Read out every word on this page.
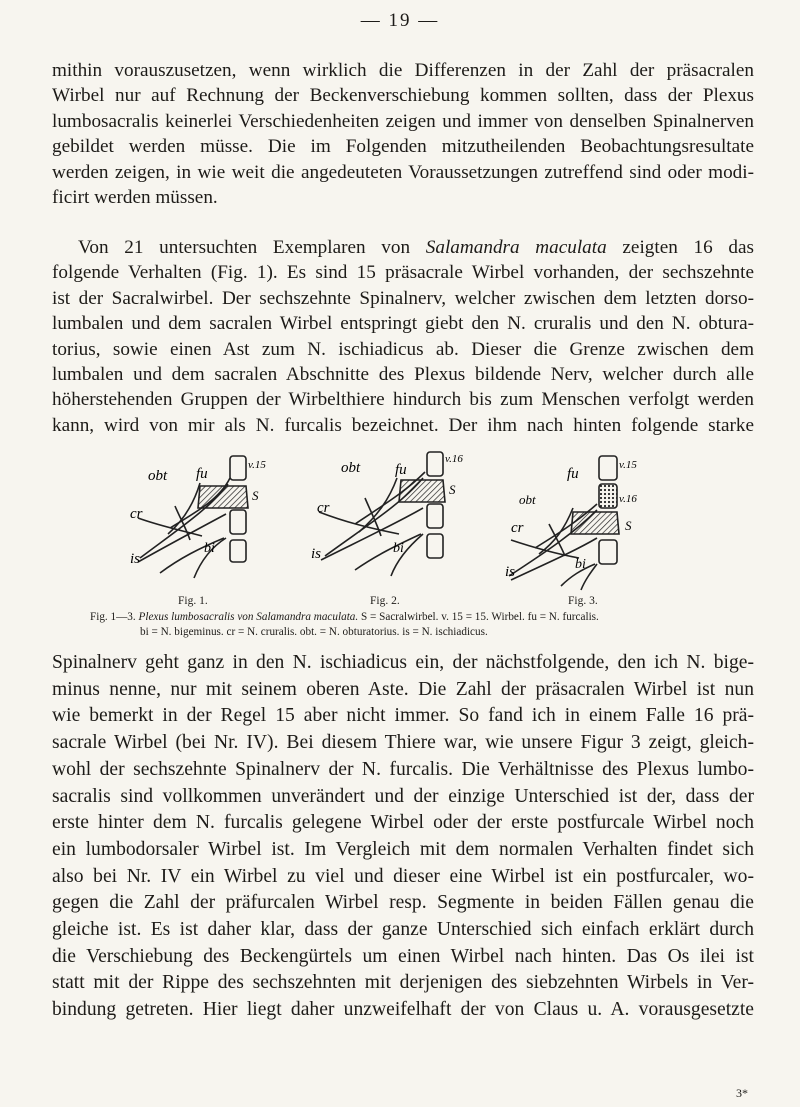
— 19 —
mithin vorauszusetzen, wenn wirklich die Differenzen in der Zahl der präsacralen
Wirbel nur auf Rechnung der Beckenverschiebung kommen sollten, dass der Plexus
lumbosacralis keinerlei Verschiedenheiten zeigen und immer von denselben Spinalnerven
gebildet werden müsse. Die im Folgenden mitzutheilenden Beobachtungsresultate
werden zeigen, in wie weit die angedeuteten Voraussetzungen zutreffend sind oder modi-
ficirt werden müssen.
Von 21 untersuchten Exemplaren von Salamandra maculata zeigten 16 das
folgende Verhalten (Fig. 1). Es sind 15 präsacrale Wirbel vorhanden, der sechszehnte
ist der Sacralwirbel. Der sechszehnte Spinalnerv, welcher zwischen dem letzten dorso-
lumbalen und dem sacralen Wirbel entspringt giebt den N. cruralis und den N. obtura-
torius, sowie einen Ast zum N. ischiadicus ab. Dieser die Grenze zwischen dem
lumbalen und dem sacralen Abschnitte des Plexus bildende Nerv, welcher durch alle
höherstehenden Gruppen der Wirbelthiere hindurch bis zum Menschen verfolgt werden
kann, wird von mir als N. furcalis bezeichnet. Der ihm nach hinten folgende starke
obt fu
v.15
S
cr
is
bi
obt fu
v.16
S
cr
is	bi
fu
obt
v.15
v.16
S
cr
is	bi
Fig. 1.	Fig. 2.	Fig. 3.
Fig. 1—3. Plexus lumbosacralis von Salamandra maculata. S = Sacralwirbel. v. 15 = 15. Wirbel. fu = N. furcalis.
bi = N. bigeminus. cr = N. cruralis. obt. = N. obturatorius. is = N. ischiadicus.
Spinalnerv geht ganz in den N. ischiadicus ein, der nächstfolgende, den ich N. bige-
minus nenne, nur mit seinem oberen Aste. Die Zahl der präsacralen Wirbel ist nun
wie bemerkt in der Regel 15 aber nicht immer. So fand ich in einem Falle 16 prä-
sacrale Wirbel (bei Nr. IV). Bei diesem Thiere war, wie unsere Figur 3 zeigt, gleich-
wohl der sechszehnte Spinalnerv der N. furcalis. Die Verhältnisse des Plexus lumbo-
sacralis sind vollkommen unverändert und der einzige Unterschied ist der, dass der
erste hinter dem N. furcalis gelegene Wirbel oder der erste postfurcale Wirbel noch
ein lumbodorsaler Wirbel ist. Im Vergleich mit dem normalen Verhalten findet sich
also bei Nr. IV ein Wirbel zu viel und dieser eine Wirbel ist ein postfurcaler, wo-
gegen die Zahl der präfurcalen Wirbel resp. Segmente in beiden Fällen genau die
gleiche ist. Es ist daher klar, dass der ganze Unterschied sich einfach erklärt durch
die Verschiebung des Beckengürtels um einen Wirbel nach hinten. Das Os ilei ist
statt mit der Rippe des sechszehnten mit derjenigen des siebzehnten Wirbels in Ver-
bindung getreten. Hier liegt daher unzweifelhaft der von Claus u. A. vorausgesetzte
3*
